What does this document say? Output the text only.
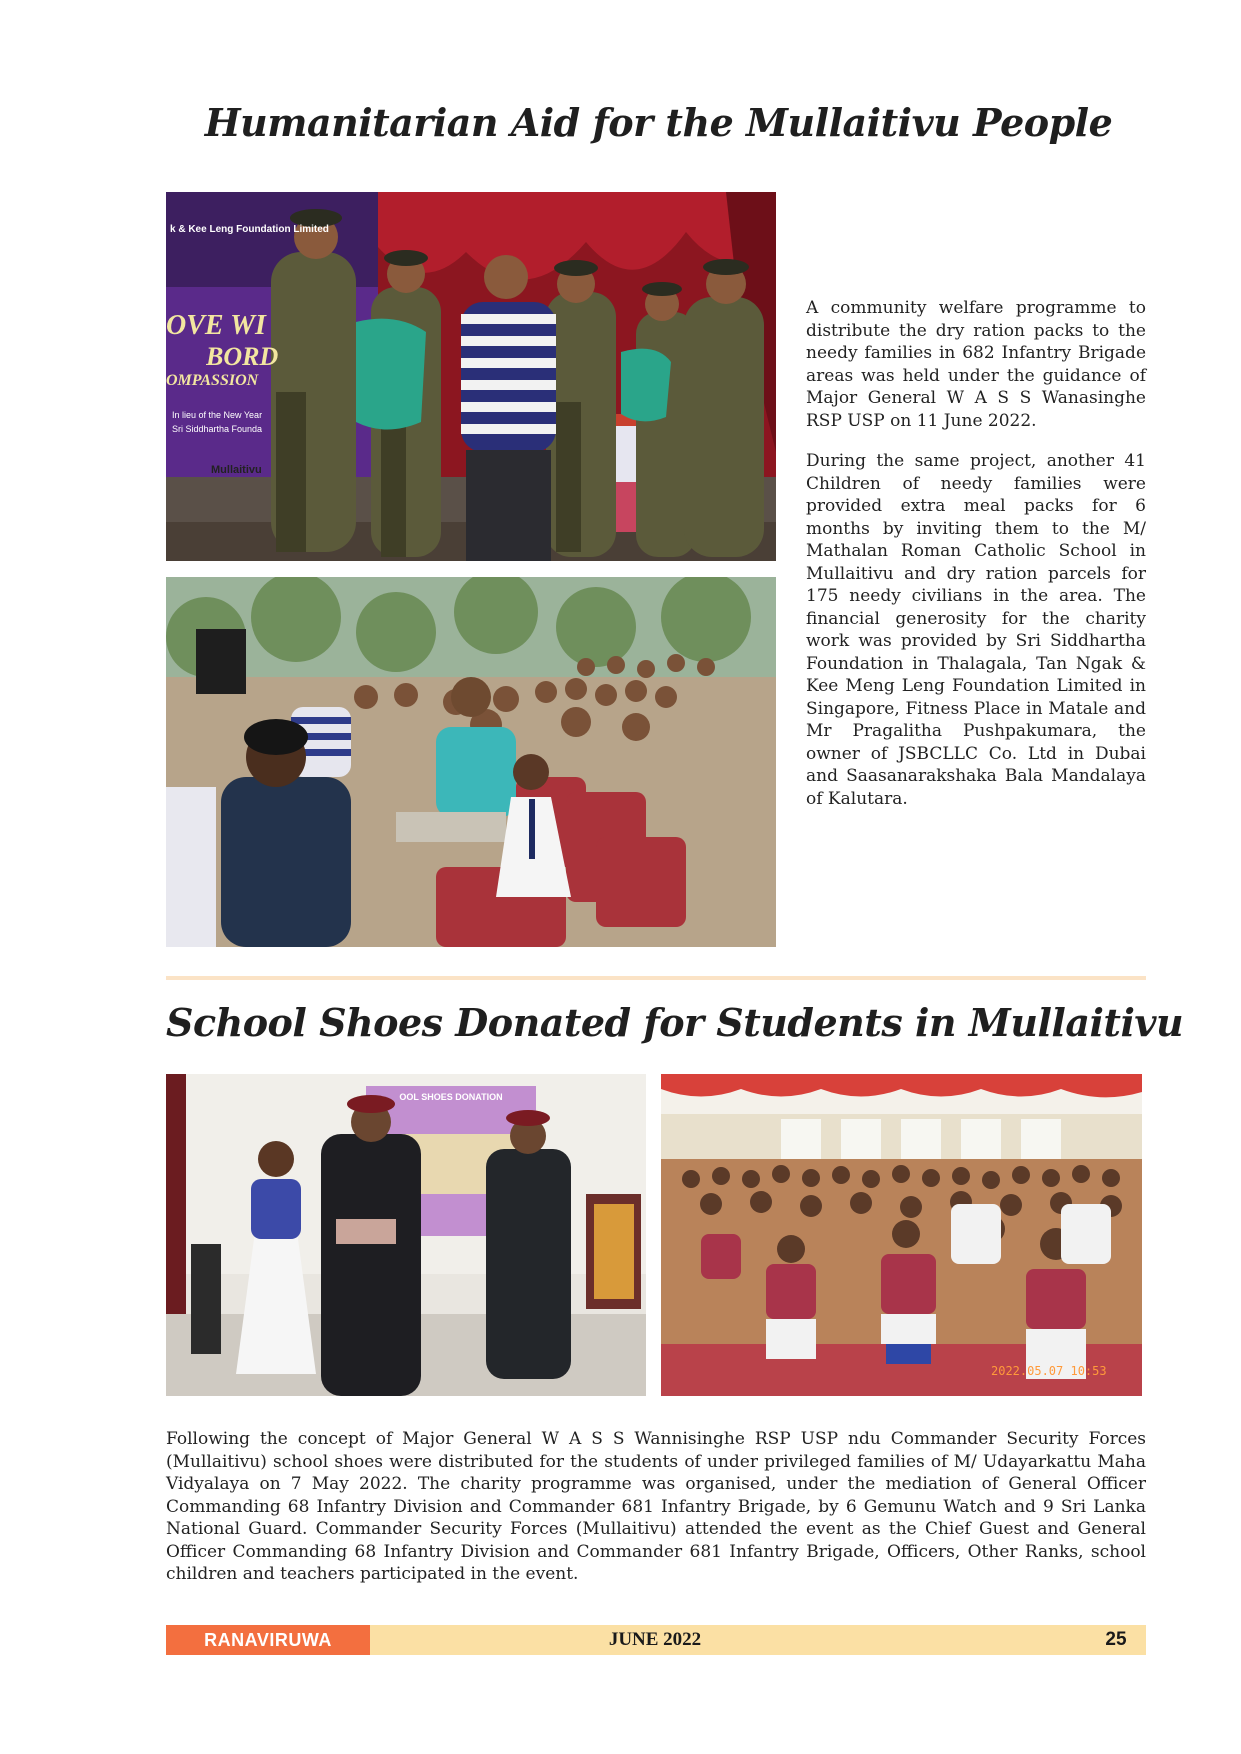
Humanitarian Aid for the Mullaitivu People
k & Kee Leng Foundation Limited
OVE WI
BORD
OMPASSION
In lieu of the New Year
Sri Siddhartha Founda
Mullaitivu

A community welfare programme to distribute the dry ration packs to the needy families in 682 Infantry Brigade areas was held under the guidance of Major General W A S S Wanasinghe RSP USP on 11 June 2022.

During the same project, another 41 Children of needy families were provided extra meal packs for 6 months by inviting them to the M/ Mathalan Roman Catholic School in Mullaitivu and dry ration parcels for 175 needy civilians in the area. The financial generosity for the charity work was provided by Sri Siddhartha Foundation in Thalagala, Tan Ngak & Kee Meng Leng Foundation Limited in Singapore, Fitness Place in Matale and Mr Pragalitha Pushpakumara, the owner of JSBCLLC Co. Ltd in Dubai and Saasanarakshaka Bala Mandalaya of Kalutara.

School Shoes Donated for Students in Mullaitivu
OOL SHOES DONATION
2022.05.07 10:53

Following the concept of Major General W A S S Wannisinghe RSP USP ndu Commander Security Forces (Mullaitivu) school shoes were distributed for the students of under privileged families of M/ Udayarkattu Maha Vidyalaya on 7 May 2022. The charity programme was organised, under the mediation of General Officer Commanding 68 Infantry Division and Commander 681 Infantry Brigade, by 6 Gemunu Watch and 9 Sri Lanka National Guard. Commander Security Forces (Mullaitivu) attended the event as the Chief Guest and General Officer Commanding 68 Infantry Division and Commander 681 Infantry Brigade, Officers, Other Ranks, school children and teachers participated in the event.

RANAVIRUWA	JUNE 2022	25
